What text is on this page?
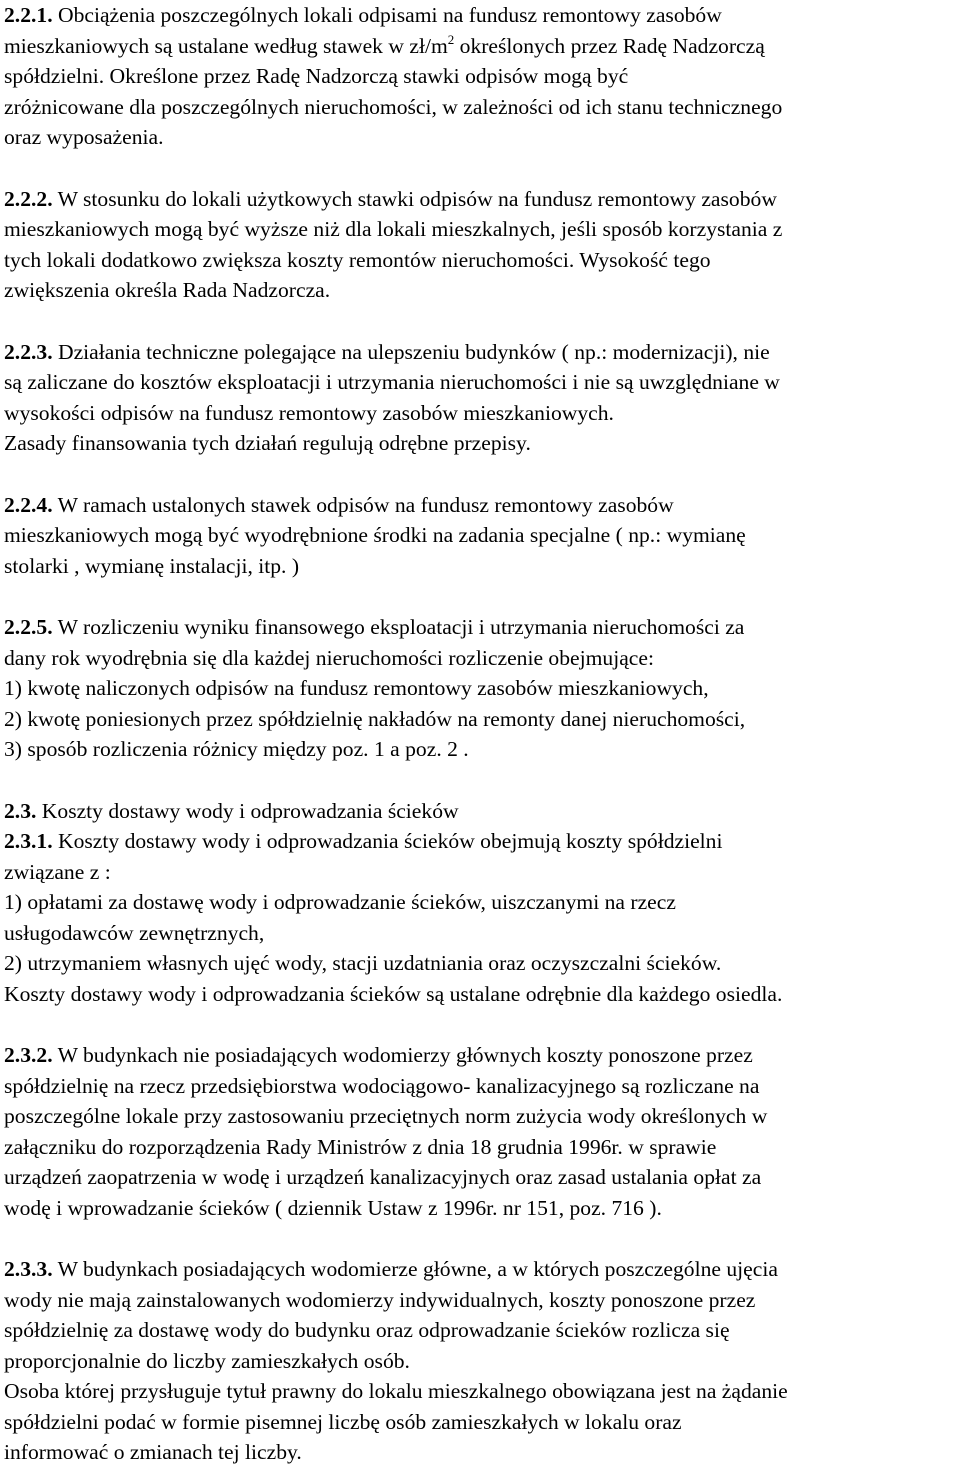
2.2.1. Obciążenia poszczególnych lokali odpisami na fundusz remontowy zasobów
mieszkaniowych są ustalane według stawek w $zł/m^2$ określonych przez Radę Nadzorczą
spółdzielni. Określone przez Radę Nadzorczą stawki odpisów mogą być
zróżnicowane dla poszczególnych nieruchomości, w zależności od ich stanu technicznego
oraz wyposażenia.
2.2.2. W stosunku do lokali użytkowych stawki odpisów na fundusz remontowy zasobów
mieszkaniowych mogą być wyższe niż dla lokali mieszkalnych, jeśli sposób korzystania z
tych lokali dodatkowo zwiększa koszty remontów nieruchomości. Wysokość tego
zwiększenia określa Rada Nadzorcza.
2.2.3. Działania techniczne polegające na ulepszeniu budynków ( np.: modernizacji), nie
są zaliczane do kosztów eksploatacji i utrzymania nieruchomości i nie są uwzględniane w
wysokości odpisów na fundusz remontowy zasobów mieszkaniowych.
Zasady finansowania tych działań regulują odrębne przepisy.
2.2.4. W ramach ustalonych stawek odpisów na fundusz remontowy zasobów
mieszkaniowych mogą być wyodrębnione środki na zadania specjalne ( np.: wymianę
stolarki , wymianę instalacji, itp. )
2.2.5. W rozliczeniu wyniku finansowego eksploatacji i utrzymania nieruchomości za
dany rok wyodrębnia się dla każdej nieruchomości rozliczenie obejmujące:
1) kwotę naliczonych odpisów na fundusz remontowy zasobów mieszkaniowych,
2) kwotę poniesionych przez spółdzielnię nakładów na remonty danej nieruchomości,
3) sposób rozliczenia różnicy między poz. 1 a poz. 2 .
2.3. Koszty dostawy wody i odprowadzania ścieków
2.3.1. Koszty dostawy wody i odprowadzania ścieków obejmują koszty spółdzielni
związane z :
1) opłatami za dostawę wody i odprowadzanie ścieków, uiszczanymi na rzecz
usługodawców zewnętrznych,
2) utrzymaniem własnych ujęć wody, stacji uzdatniania oraz oczyszczalni ścieków.
Koszty dostawy wody i odprowadzania ścieków są ustalane odrębnie dla każdego osiedla.
2.3.2. W budynkach nie posiadających wodomierzy głównych koszty ponoszone przez
spółdzielnię na rzecz przedsiębiorstwa wodociągowo- kanalizacyjnego są rozliczane na
poszczególne lokale przy zastosowaniu przeciętnych norm zużycia wody określonych w
załączniku do rozporządzenia Rady Ministrów z dnia 18 grudnia 1996r. w sprawie
urządzeń zaopatrzenia w wodę i urządzeń kanalizacyjnych oraz zasad ustalania opłat za
wodę i wprowadzanie ścieków ( dziennik Ustaw z 1996r. nr 151, poz. 716 ).
2.3.3. W budynkach posiadających wodomierze główne, a w których poszczególne ujęcia
wody nie mają zainstalowanych wodomierzy indywidualnych, koszty ponoszone przez
spółdzielnię za dostawę wody do budynku oraz odprowadzanie ścieków rozlicza się
proporcjonalnie do liczby zamieszkałych osób.
Osoba której przysługuje tytuł prawny do lokalu mieszkalnego obowiązana jest na żądanie
spółdzielni podać w formie pisemnej liczbę osób zamieszkałych w lokalu oraz
informować o zmianach tej liczby.
